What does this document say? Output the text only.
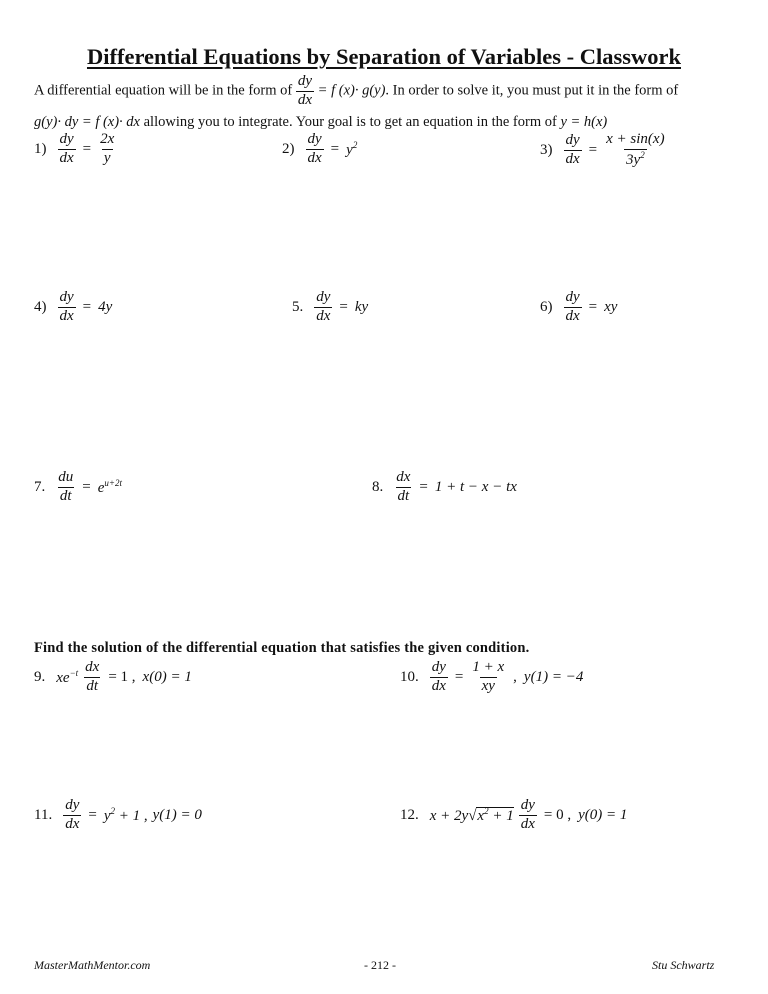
Differential Equations by Separation of Variables - Classwork
A differential equation will be in the form of $\frac{dy}{dx} = f$ (x)· g(y). In order to solve it, you must put it in the form of
g(y)· dy = f (x)· dx allowing you to integrate. Your goal is to get an equation in the form of y = h(x)
$1) \frac{dy}{dx} = \frac{2x}{y}$	$2) \frac{dy}{dx} = y^2$	$3) \frac{dy}{dx} = \frac{x + \sin(x)}{3y^2}$
$4) \frac{dy}{dx} = 4y$	5. $\frac{dy}{dx}$ = ky	$6) \frac{dy}{dx}$ = xy
7. $\frac{du}{dt} = e^{u+2t}$	8. $\frac{dx}{dt} = 1 + t - x$ − tx
Find the solution of the differential equation that satisfies the given condition.
9. $xe^{-t} \frac{dx}{dt} = 1$ , x(0) = 1	10. $\frac{dy}{dx} = \frac{1 + x}{xy}$ , y(1) = −4
11. $\frac{dy}{dx} = y^2 + 1$ , y(1) = 0	12. $x + 2y√x^2 + 1 \frac{dy}{dx} = 0$ , y(0) = 1
MasterMathMentor.com	- 212 -	Stu Schwartz
